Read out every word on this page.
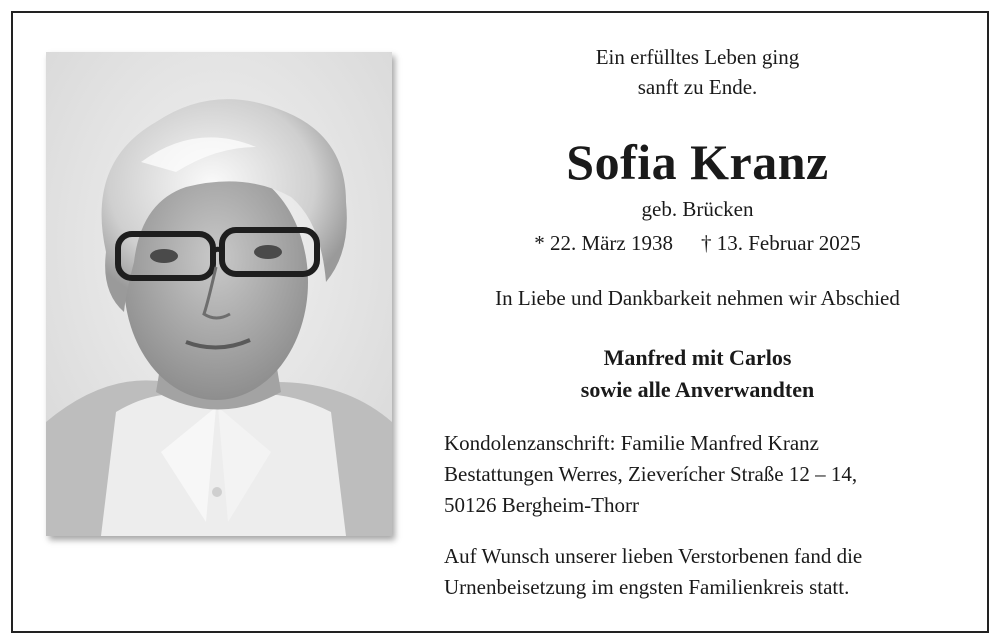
Ein erfülltes Leben ging
sanft zu Ende.
Sofia Kranz
geb. Brücken
* 22. März 1938 † 13. Februar 2025
In Liebe und Dankbarkeit nehmen wir Abschied
Manfred mit Carlos
sowie alle Anverwandten
Kondolenzanschrift: Familie Manfred Kranz
Bestattungen Werres, Zieverícher Straße 12 – 14,
50126 Bergheim-Thorr
Auf Wunsch unserer lieben Verstorbenen fand die
Urnenbeisetzung im engsten Familienkreis statt.
